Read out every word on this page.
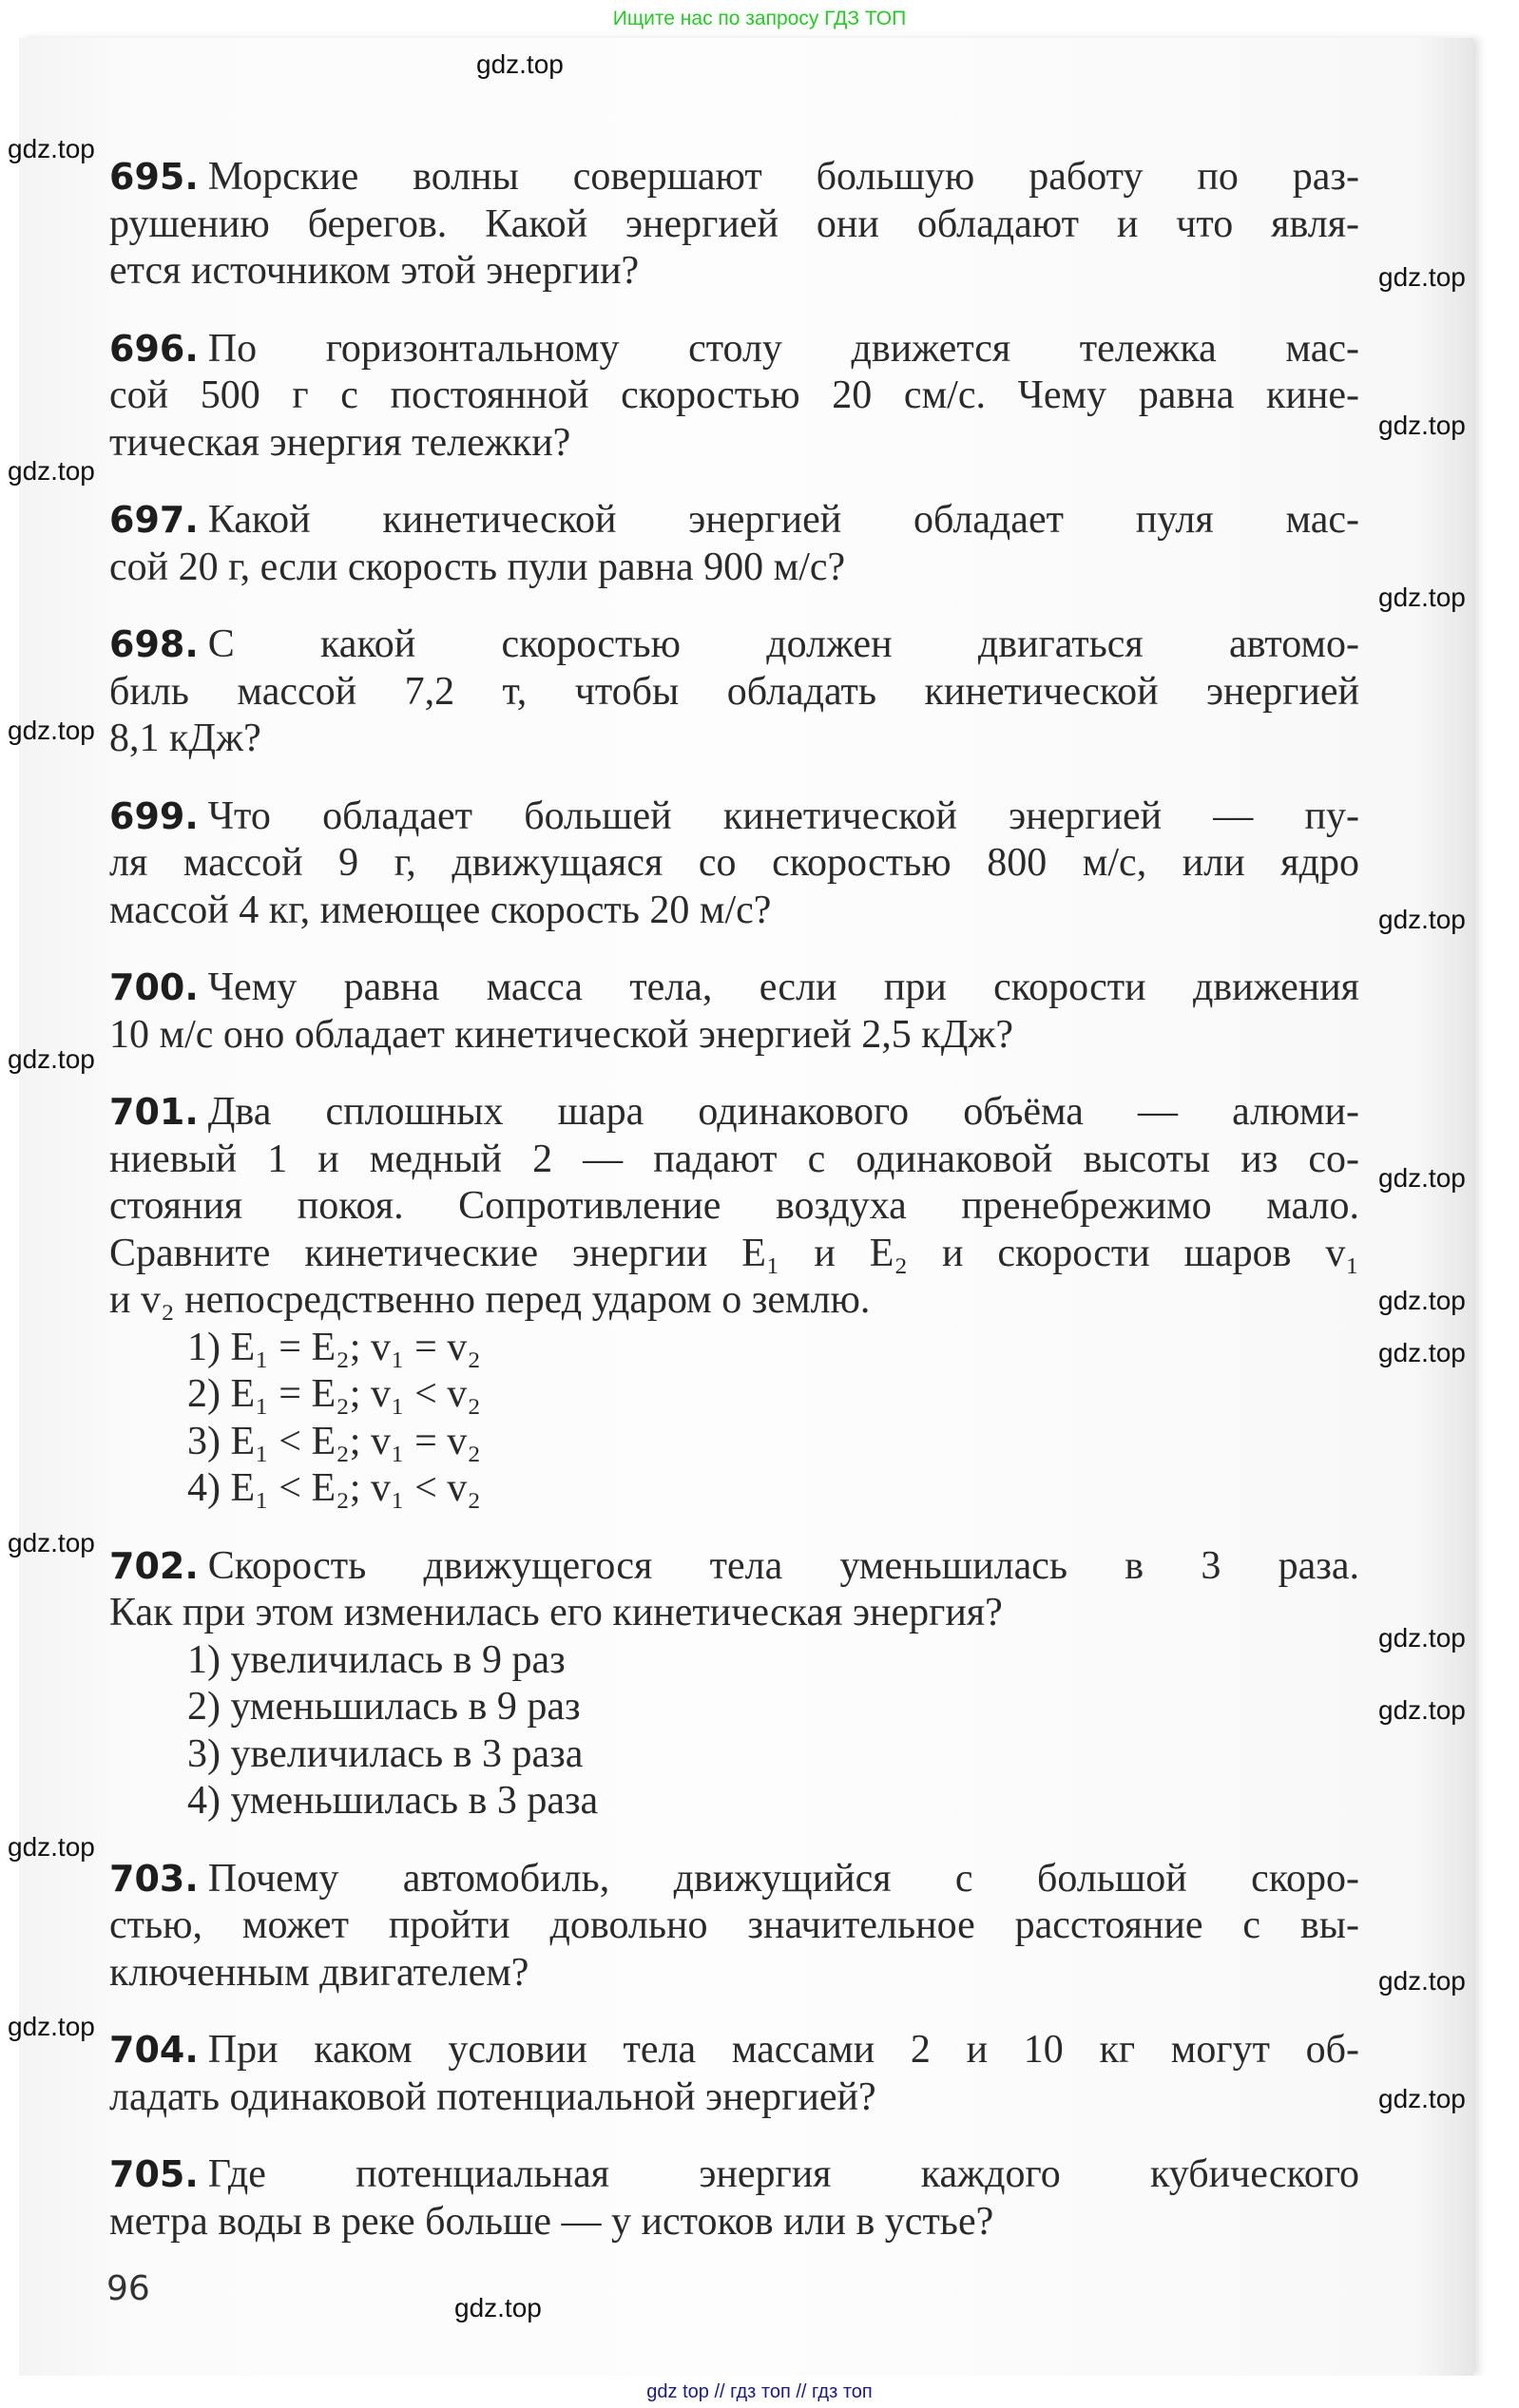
Ищите нас по запросу ГДЗ ТОП
695. Морские волны совершают большую работу по раз-
рушению берегов. Какой энергией они обладают и что явля-
ется источником этой энергии?
696. По горизонтальному столу движется тележка мас-
сой 500 г с постоянной скоростью 20 см/с. Чему равна кине-
тическая энергия тележки?
697. Какой кинетической энергией обладает пуля мас-
сой 20 г, если скорость пули равна 900 м/с?
698. С какой скоростью должен двигаться автомо-
биль массой 7,2 т, чтобы обладать кинетической энергией
8,1 кДж?
699. Что обладает большей кинетической энергией — пу-
ля массой 9 г, движущаяся со скоростью 800 м/с, или ядро
массой 4 кг, имеющее скорость 20 м/с?
700. Чему равна масса тела, если при скорости движения
10 м/с оно обладает кинетической энергией 2,5 кДж?
701. Два сплошных шара одинакового объёма — алюми-
ниевый 1 и медный 2 — падают с одинаковой высоты из со-
стояния покоя. Сопротивление воздуха пренебрежимо мало.
Сравните кинетические энергии E₁ и E₂ и скорости шаров v₁
и v₂ непосредственно перед ударом о землю.
1) E₁ = E₂; v₁ = v₂
2) E₁ = E₂; v₁ < v₂
3) E₁ < E₂; v₁ = v₂
4) E₁ < E₂; v₁ < v₂
702. Скорость движущегося тела уменьшилась в 3 раза.
Как при этом изменилась его кинетическая энергия?
1) увеличилась в 9 раз
2) уменьшилась в 9 раз
3) увеличилась в 3 раза
4) уменьшилась в 3 раза
703. Почему автомобиль, движущийся с большой скоро-
стью, может пройти довольно значительное расстояние с вы-
ключенным двигателем?
704. При каком условии тела массами 2 и 10 кг могут об-
ладать одинаковой потенциальной энергией?
705. Где потенциальная энергия каждого кубического
метра воды в реке больше — у истоков или в устье?
96
gdz.top
gdz.top
gdz.top
gdz.top
gdz.top
gdz.top
gdz.top
gdz.top
gdz.top
gdz.top
gdz.top
gdz.top
gdz.top
gdz.top
gdz.top
gdz.top
gdz.top
gdz.top
gdz.top
gdz.top
gdz top // гдз топ // гдз топ
